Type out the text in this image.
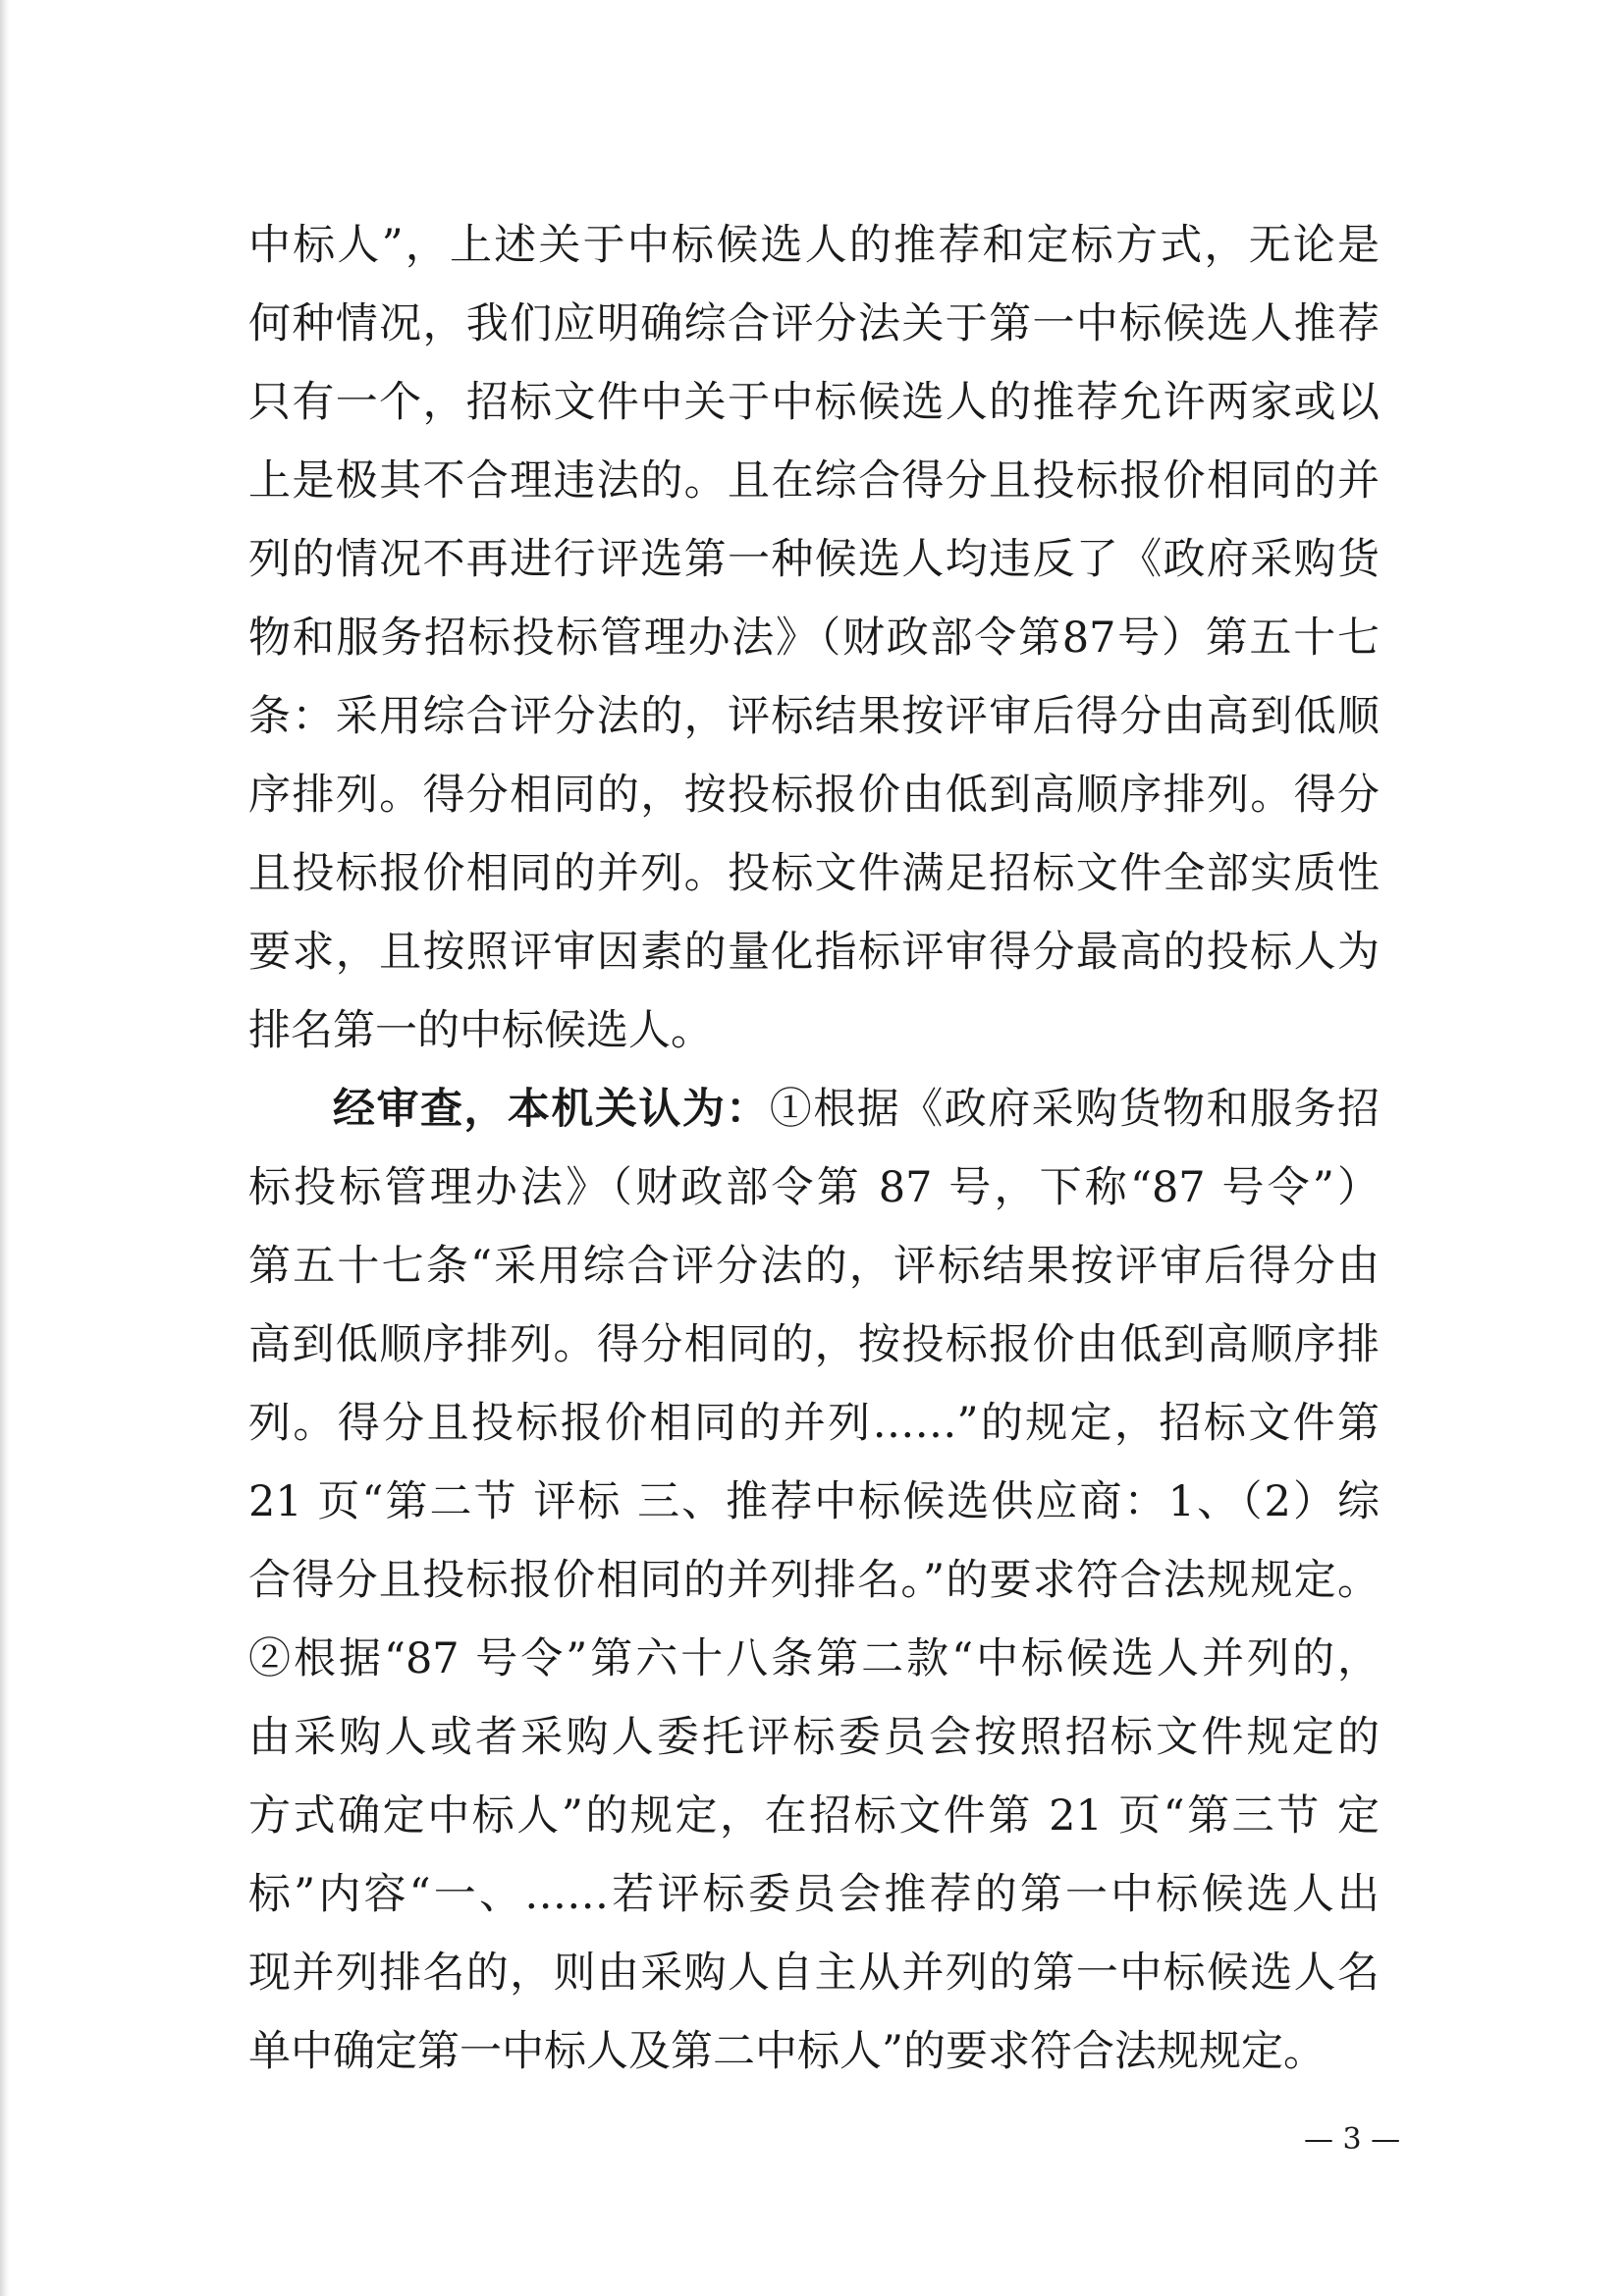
中标人”，上述关于中标候选人的推荐和定标方式，无论是
何种情况，我们应明确综合评分法关于第一中标候选人推荐
只有一个，招标文件中关于中标候选人的推荐允许两家或以
上是极其不合理违法的。且在综合得分且投标报价相同的并
列的情况不再进行评选第一种候选人均违反了《政府采购货
物和服务招标投标管理办法》（财政部令第87号）第五十七
条：采用综合评分法的，评标结果按评审后得分由高到低顺
序排列。得分相同的，按投标报价由低到高顺序排列。得分
且投标报价相同的并列。投标文件满足招标文件全部实质性
要求，且按照评审因素的量化指标评审得分最高的投标人为
排名第一的中标候选人。
经审查，本机关认为：①根据《政府采购货物和服务招
标投标管理办法》（财政部令第 87 号，下称“87 号令”）
第五十七条“采用综合评分法的，评标结果按评审后得分由
高到低顺序排列。得分相同的，按投标报价由低到高顺序排
列。得分且投标报价相同的并列……”的规定，招标文件第
21 页“第二节 评标 三、推荐中标候选供应商：1、（2）综
合得分且投标报价相同的并列排名。”的要求符合法规规定。
②根据“87 号令”第六十八条第二款“中标候选人并列的，
由采购人或者采购人委托评标委员会按照招标文件规定的
方式确定中标人”的规定，在招标文件第 21 页“第三节 定
标”内容“一、……若评标委员会推荐的第一中标候选人出
现并列排名的，则由采购人自主从并列的第一中标候选人名
单中确定第一中标人及第二中标人”的要求符合法规规定。
— 3 —
